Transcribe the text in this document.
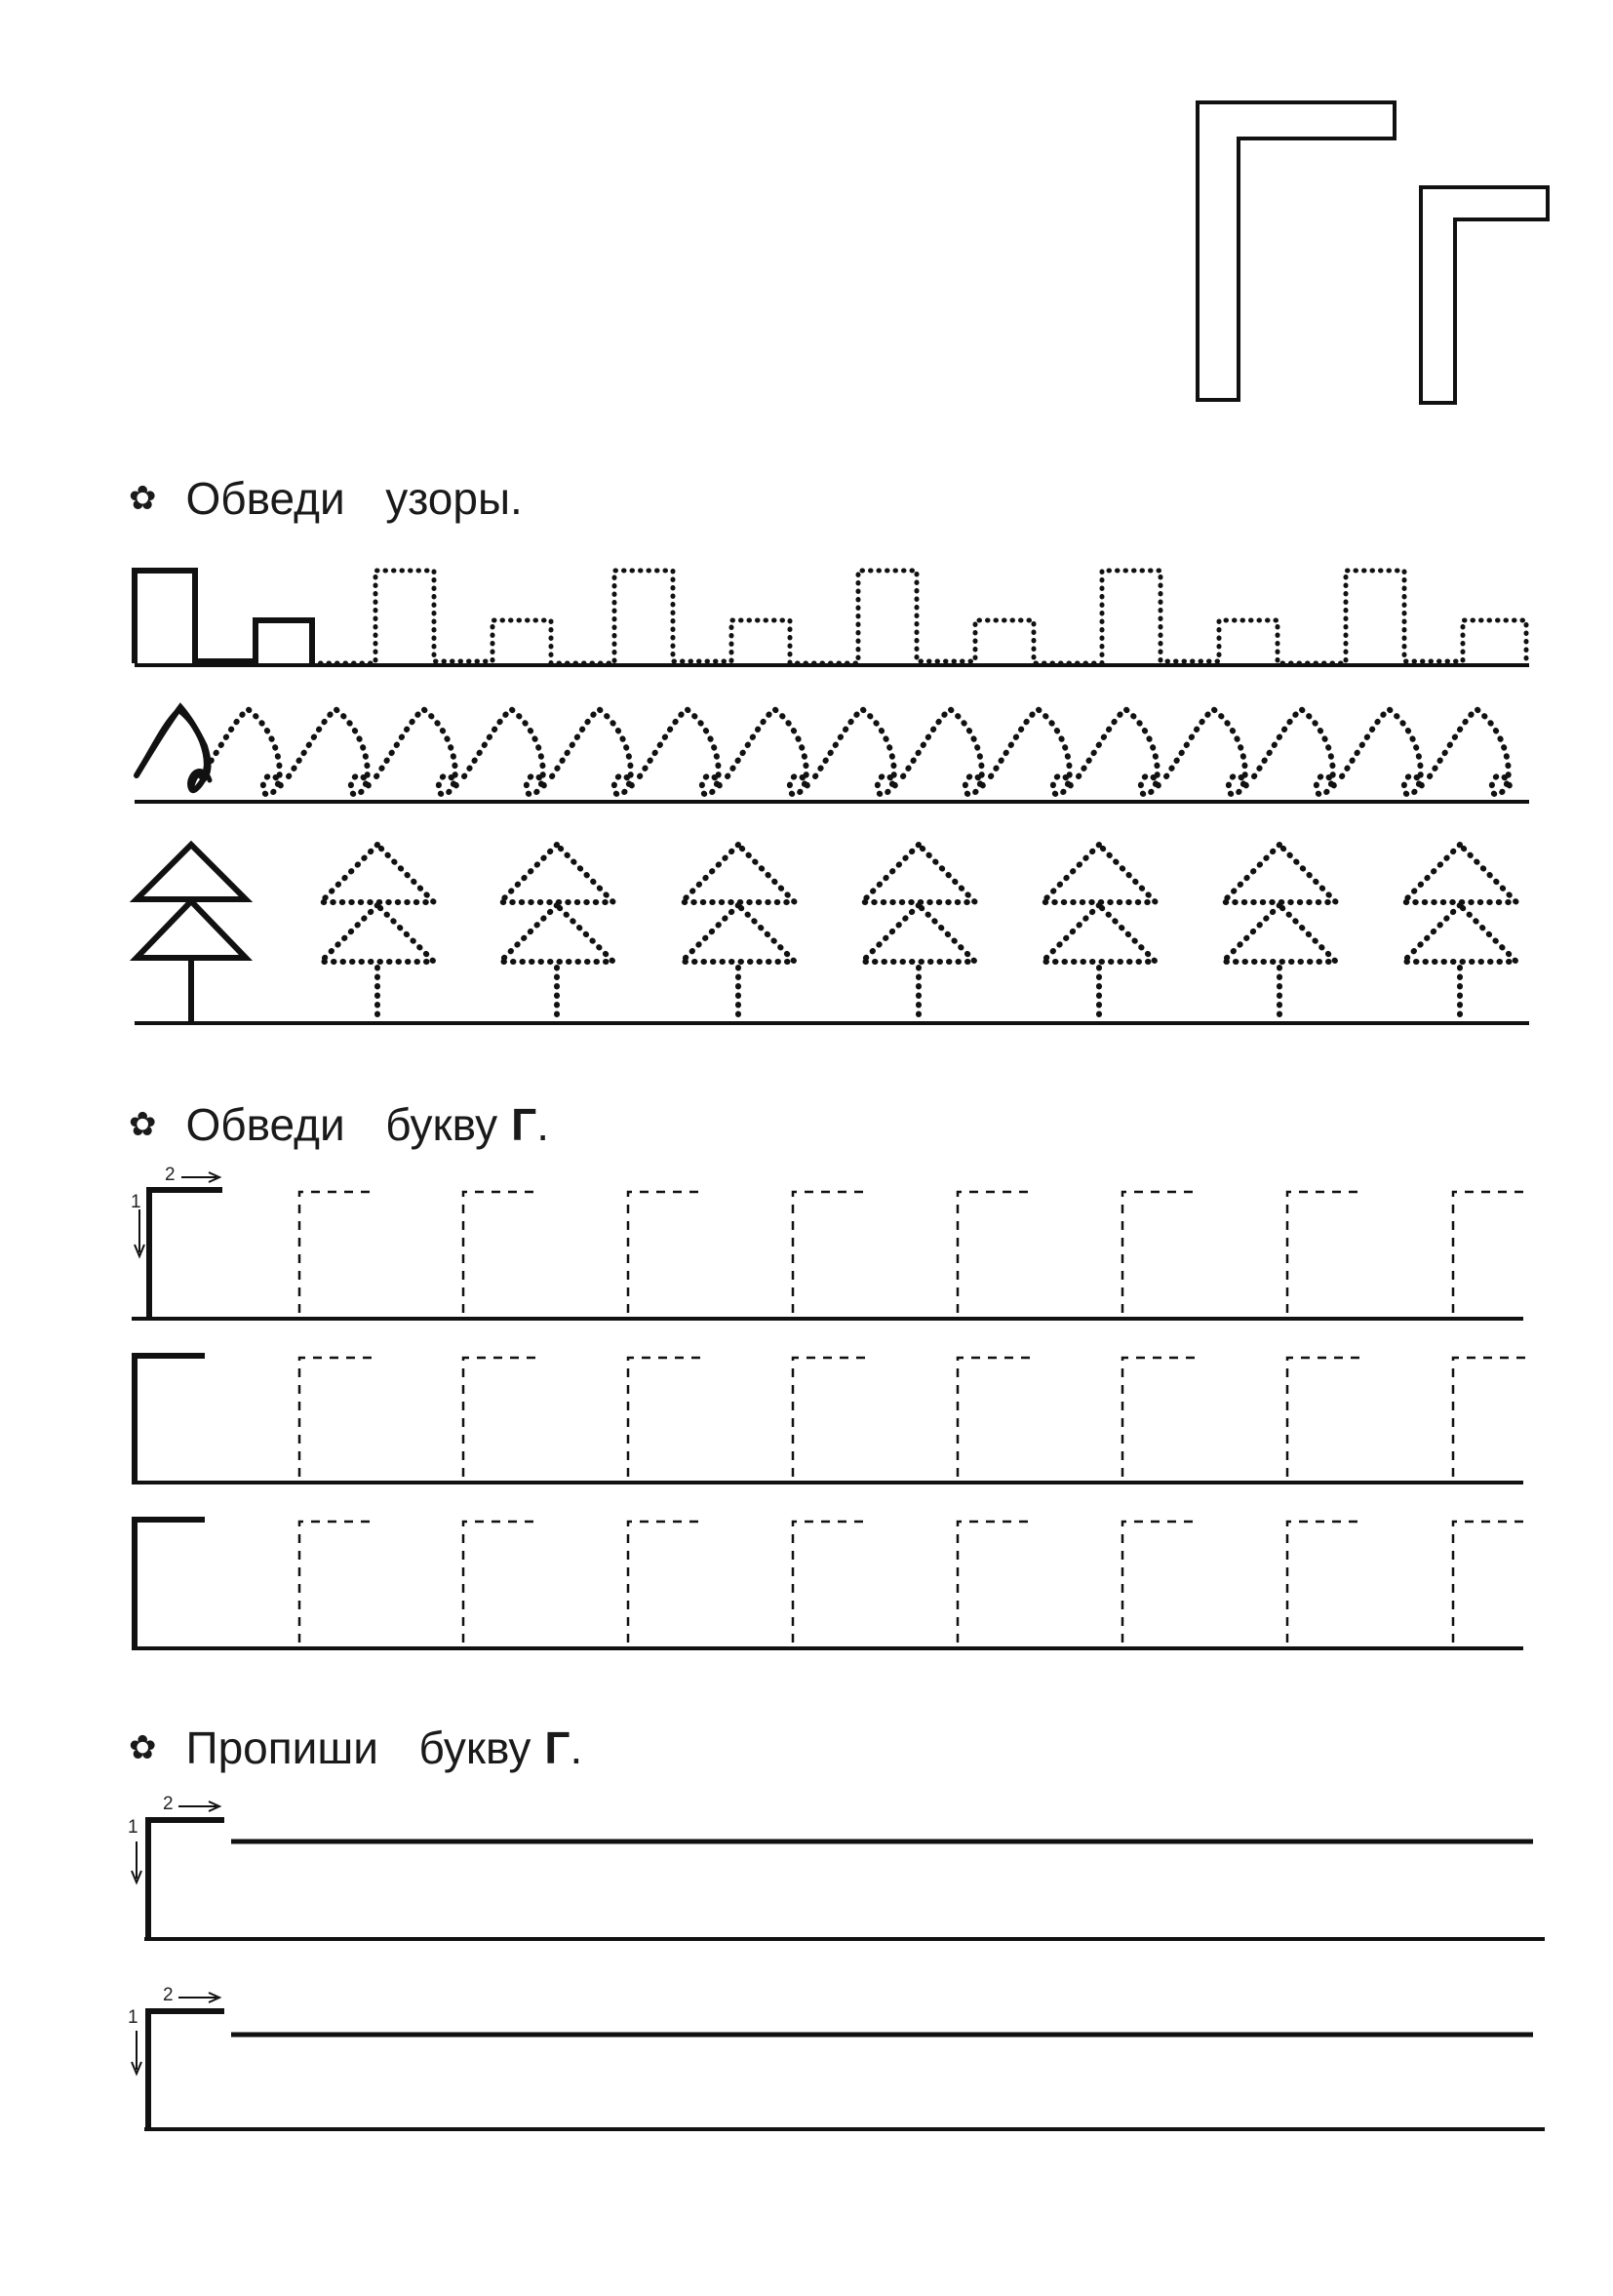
✿ Обведи  узоры.
✿ Обведи  букву Г .
✿ Пропиши  букву Г .
1
2
1
2
1
2
